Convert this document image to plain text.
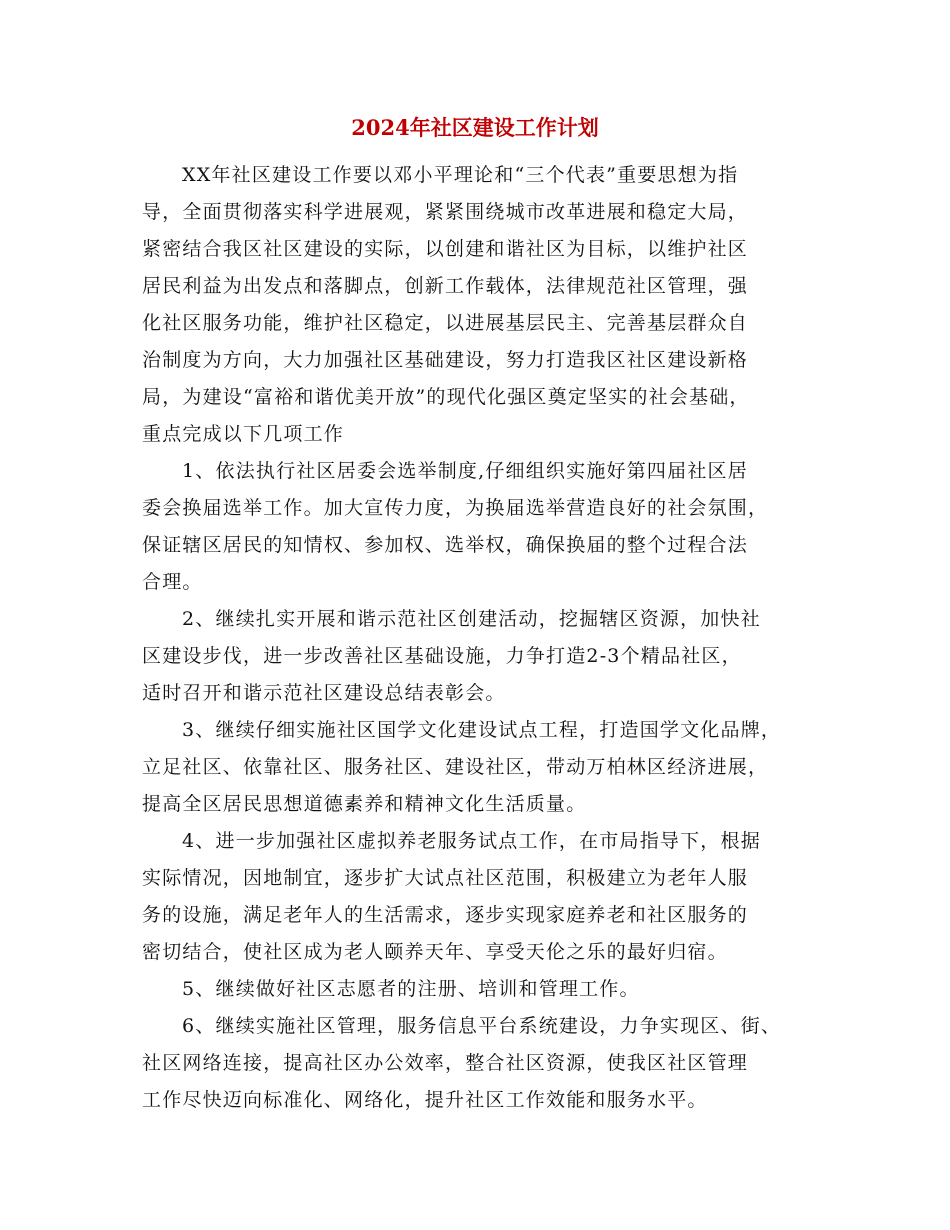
2024年社区建设工作计划
XX年社区建设工作要以邓小平理论和“三个代表”重要思想为指
导，全面贯彻落实科学进展观，紧紧围绕城市改革进展和稳定大局，
紧密结合我区社区建设的实际，以创建和谐社区为目标，以维护社区
居民利益为出发点和落脚点，创新工作载体，法律规范社区管理，强
化社区服务功能，维护社区稳定，以进展基层民主、完善基层群众自
治制度为方向，大力加强社区基础建设，努力打造我区社区建设新格
局，为建设“富裕和谐优美开放”的现代化强区奠定坚实的社会基础，
重点完成以下几项工作
1、依法执行社区居委会选举制度,仔细组织实施好第四届社区居
委会换届选举工作。加大宣传力度，为换届选举营造良好的社会氛围，
保证辖区居民的知情权、参加权、选举权，确保换届的整个过程合法
合理。
2、继续扎实开展和谐示范社区创建活动，挖掘辖区资源，加快社
区建设步伐，进一步改善社区基础设施，力争打造2-3个精品社区，
适时召开和谐示范社区建设总结表彰会。
3、继续仔细实施社区国学文化建设试点工程，打造国学文化品牌，
立足社区、依靠社区、服务社区、建设社区，带动万柏林区经济进展，
提高全区居民思想道德素养和精神文化生活质量。
4、进一步加强社区虚拟养老服务试点工作，在市局指导下，根据
实际情况，因地制宜，逐步扩大试点社区范围，积极建立为老年人服
务的设施，满足老年人的生活需求，逐步实现家庭养老和社区服务的
密切结合，使社区成为老人颐养天年、享受天伦之乐的最好归宿。
5、继续做好社区志愿者的注册、培训和管理工作。
6、继续实施社区管理，服务信息平台系统建设，力争实现区、街、
社区网络连接，提高社区办公效率，整合社区资源，使我区社区管理
工作尽快迈向标准化、网络化，提升社区工作效能和服务水平。
